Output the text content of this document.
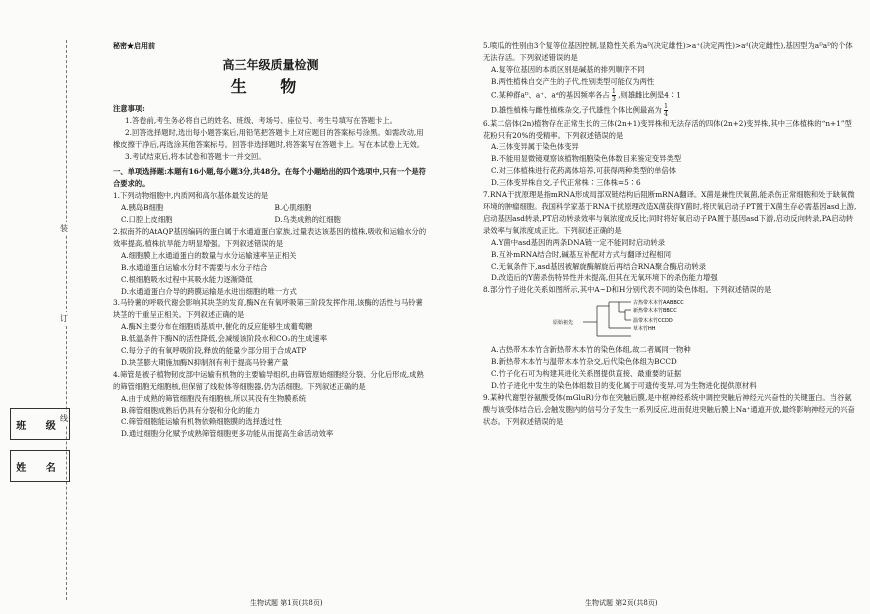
装
订
线
班 级
姓 名
秘密★启用前
高三年级质量检测
生 物
注意事项:

1.答卷前,考生务必将自己的姓名、班级、考场号、座位号、考生号填写在答题卡上。

2.回答选择题时,选出每小题答案后,用铅笔把答题卡上对应题目的答案标号涂黑。如需改动,用橡皮擦干净后,再选涂其他答案标号。回答非选择题时,将答案写在答题卡上。写在本试卷上无效。

3.考试结束后,将本试卷和答题卡一并交回。

一、单项选择题:本题有16小题,每小题3分,共48分。在每个小题给出的四个选项中,只有一个是符合要求的。

1.下列动物细胞中,内质网和高尔基体最发达的是

A.胰岛B细胞	B.心肌细胞
C.口腔上皮细胞	D.乌类成熟的红细胞

2.拟南芥的AtAQP基因编码的蛋白属于水通道蛋白家族,过量表达该基因的植株,吸收和运输水分的效率提高,植株抗旱能力明显增强。下列叙述错误的是

A.细胞膜上水通道蛋白的数量与水分运输速率呈正相关

B.水通道蛋白运输水分时不需要与水分子结合

C.根细胞吸水过程中其吸水能力逐渐降低

D.水通道蛋白介导的跨膜运输是水进出细胞的唯一方式

3.马铃薯的呼吸代谢会影响其块茎的发育,酶N在有氧呼吸第三阶段发挥作用,该酶的活性与马铃薯块茎的干重呈正相关。下列叙述正确的是

A.酶N主要分布在细胞质基质中,催化的反应能够生成葡萄糖

B.低温条件下酶N的活性降低,会减缓该阶段水和CO₂的生成速率

C.每分子的有氧呼吸阶段,释放的能量少部分用于合成ATP

D.块茎膨大期施加酶N抑制剂有利于提高马铃薯产量

4.筛管是被子植物韧皮部中运输有机物的主要输导组织,由筛管原始细胞经分裂、分化后形成,成熟的筛管细胞无细胞核,但保留了线粒体等细胞器,仍为活细胞。下列叙述正确的是

A.由于成熟的筛管细胞没有细胞核,所以其没有生物膜系统

B.筛管细胞成熟后仍具有分裂和分化的能力

C.筛管细胞能运输有机物依赖细胞膜的选择透过性

D.通过细胞分化赋予成熟筛管细胞更多功能从而提高生命活动效率

生物试题 第1页(共8页)

5.喷瓜的性别由3个复等位基因控制,显隐性关系为aᴰ(决定雄性)>a⁺(决定两性)>aᵈ(决定雌性),基因型为aᴰaᴰ的个体无法存活。下列叙述错误的是

A.复等位基因的本质区别是碱基的排列顺序不同

B.两性植株自交产生的子代,性别类型可能仅为两性

C.某种群aᴰ、a⁺、aᵈ的基因频率各占 $\frac{1}{3}$ ,则雄雌比例是4∶1

D.雄性植株与雌性植株杂交,子代雄性个体比例最高为 $\frac{1}{4}$

6.某二倍体(2n)植物存在正常生长的三体(2n+1)变异株和无法存活的四体(2n+2)变异株,其中三体植株的“n+1”型花粉只有20%的受精率。下列叙述错误的是

A.三体变异属于染色体变异

B.不能用显微镜观察该植物细胞染色体数目来鉴定变异类型

C.对三体植株进行花药离体培养,可获得两种类型的单倍体

D.三体变异株自交,子代正常株∶三体株=5∶6

7.RNA干扰原理是指mRNA形成局部双链结构后阻断mRNA翻译。X菌是兼性厌氧菌,能杀伤正常细胞和处于缺氧微环境的肿瘤细胞。我国科学家基于RNA干扰原理改造X菌获得Y菌时,将厌氧启动子PT置于X菌生存必需基因asd上游,启动基因asd转录,PT启动转录效率与氧浓度成反比;同时将好氧启动子PA置于基因asd下游,启动反向转录,PA启动转录效率与氧浓度成正比。下列叙述正确的是

A.Y菌中asd基因的两条DNA链一定不能同时启动转录

B.互补mRNA结合时,碱基互补配对方式与翻译过程相同

C.无氧条件下,asd基因被解旋酶解旋后再结合RNA聚合酶启动转录

D.改造后的Y菌杀伤特异性并未提高,但其在无氧环境下的杀伤能力增强

8.部分竹子进化关系如图所示,其中A~D和H分别代表不同的染色体组。下列叙述错误的是

原始祖先
古热带木本竹AABBCC
新热带木本竹BBCC
温带木本竹CCDD
草本竹HH

A.古热带木本竹含新热带木本竹的染色体组,故二者属同一物种

B.新热带木本竹与温带木本竹杂交,后代染色体组为BCCD

C.竹子化石可为构建其进化关系图提供直接、最重要的证据

D.竹子进化中发生的染色体组数目的变化属于可遗传变异,可为生物进化提供原材料

9.某种代谢型谷氨酸受体(mGluR)分布在突触后膜,是中枢神经系统中调控突触后神经元兴奋性的关键蛋白。当谷氨酸与该受体结合后,会触发胞内的信号分子发生一系列反应,进而促进突触后膜上Na⁺通道开放,最终影响神经元的兴奋状态。下列叙述错误的是

生物试题 第2页(共8页)
